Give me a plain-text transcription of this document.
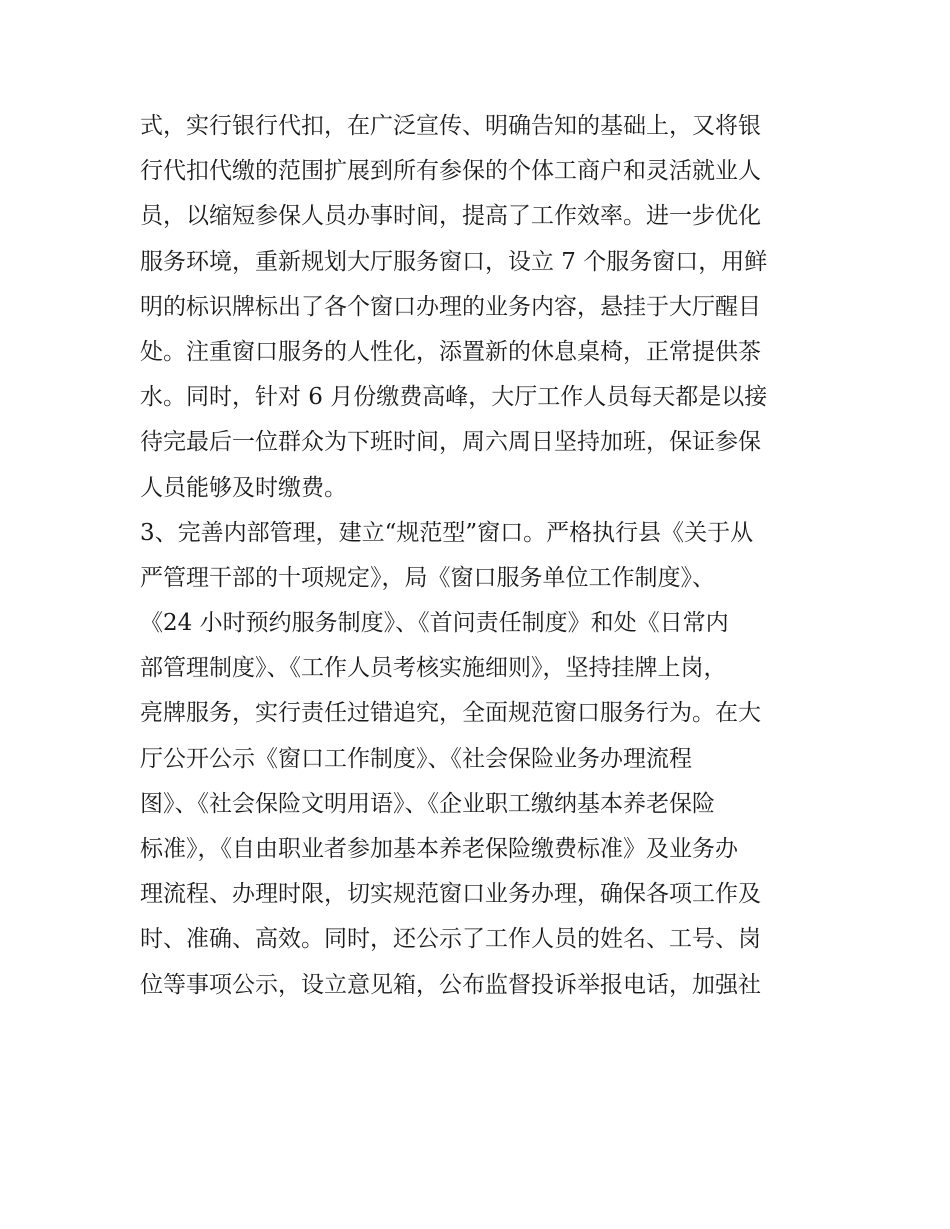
式，实行银行代扣，在广泛宣传、明确告知的基础上，又将银
行代扣代缴的范围扩展到所有参保的个体工商户和灵活就业人
员，以缩短参保人员办事时间，提高了工作效率。进一步优化
服务环境，重新规划大厅服务窗口，设立 7 个服务窗口，用鲜
明的标识牌标出了各个窗口办理的业务内容，悬挂于大厅醒目
处。注重窗口服务的人性化，添置新的休息桌椅，正常提供茶
水。同时，针对 6 月份缴费高峰，大厅工作人员每天都是以接
待完最后一位群众为下班时间，周六周日坚持加班，保证参保
人员能够及时缴费。
3、完善内部管理，建立“规范型”窗口。严格执行县《关于从
严管理干部的十项规定》，局《窗口服务单位工作制度》、
《24 小时预约服务制度》、《首问责任制度》和处《日常内
部管理制度》、《工作人员考核实施细则》，坚持挂牌上岗，
亮牌服务，实行责任过错追究，全面规范窗口服务行为。在大
厅公开公示《窗口工作制度》、《社会保险业务办理流程
图》、《社会保险文明用语》、《企业职工缴纳基本养老保险
标准》，《自由职业者参加基本养老保险缴费标准》及业务办
理流程、办理时限，切实规范窗口业务办理，确保各项工作及
时、准确、高效。同时，还公示了工作人员的姓名、工号、岗
位等事项公示，设立意见箱，公布监督投诉举报电话，加强社
